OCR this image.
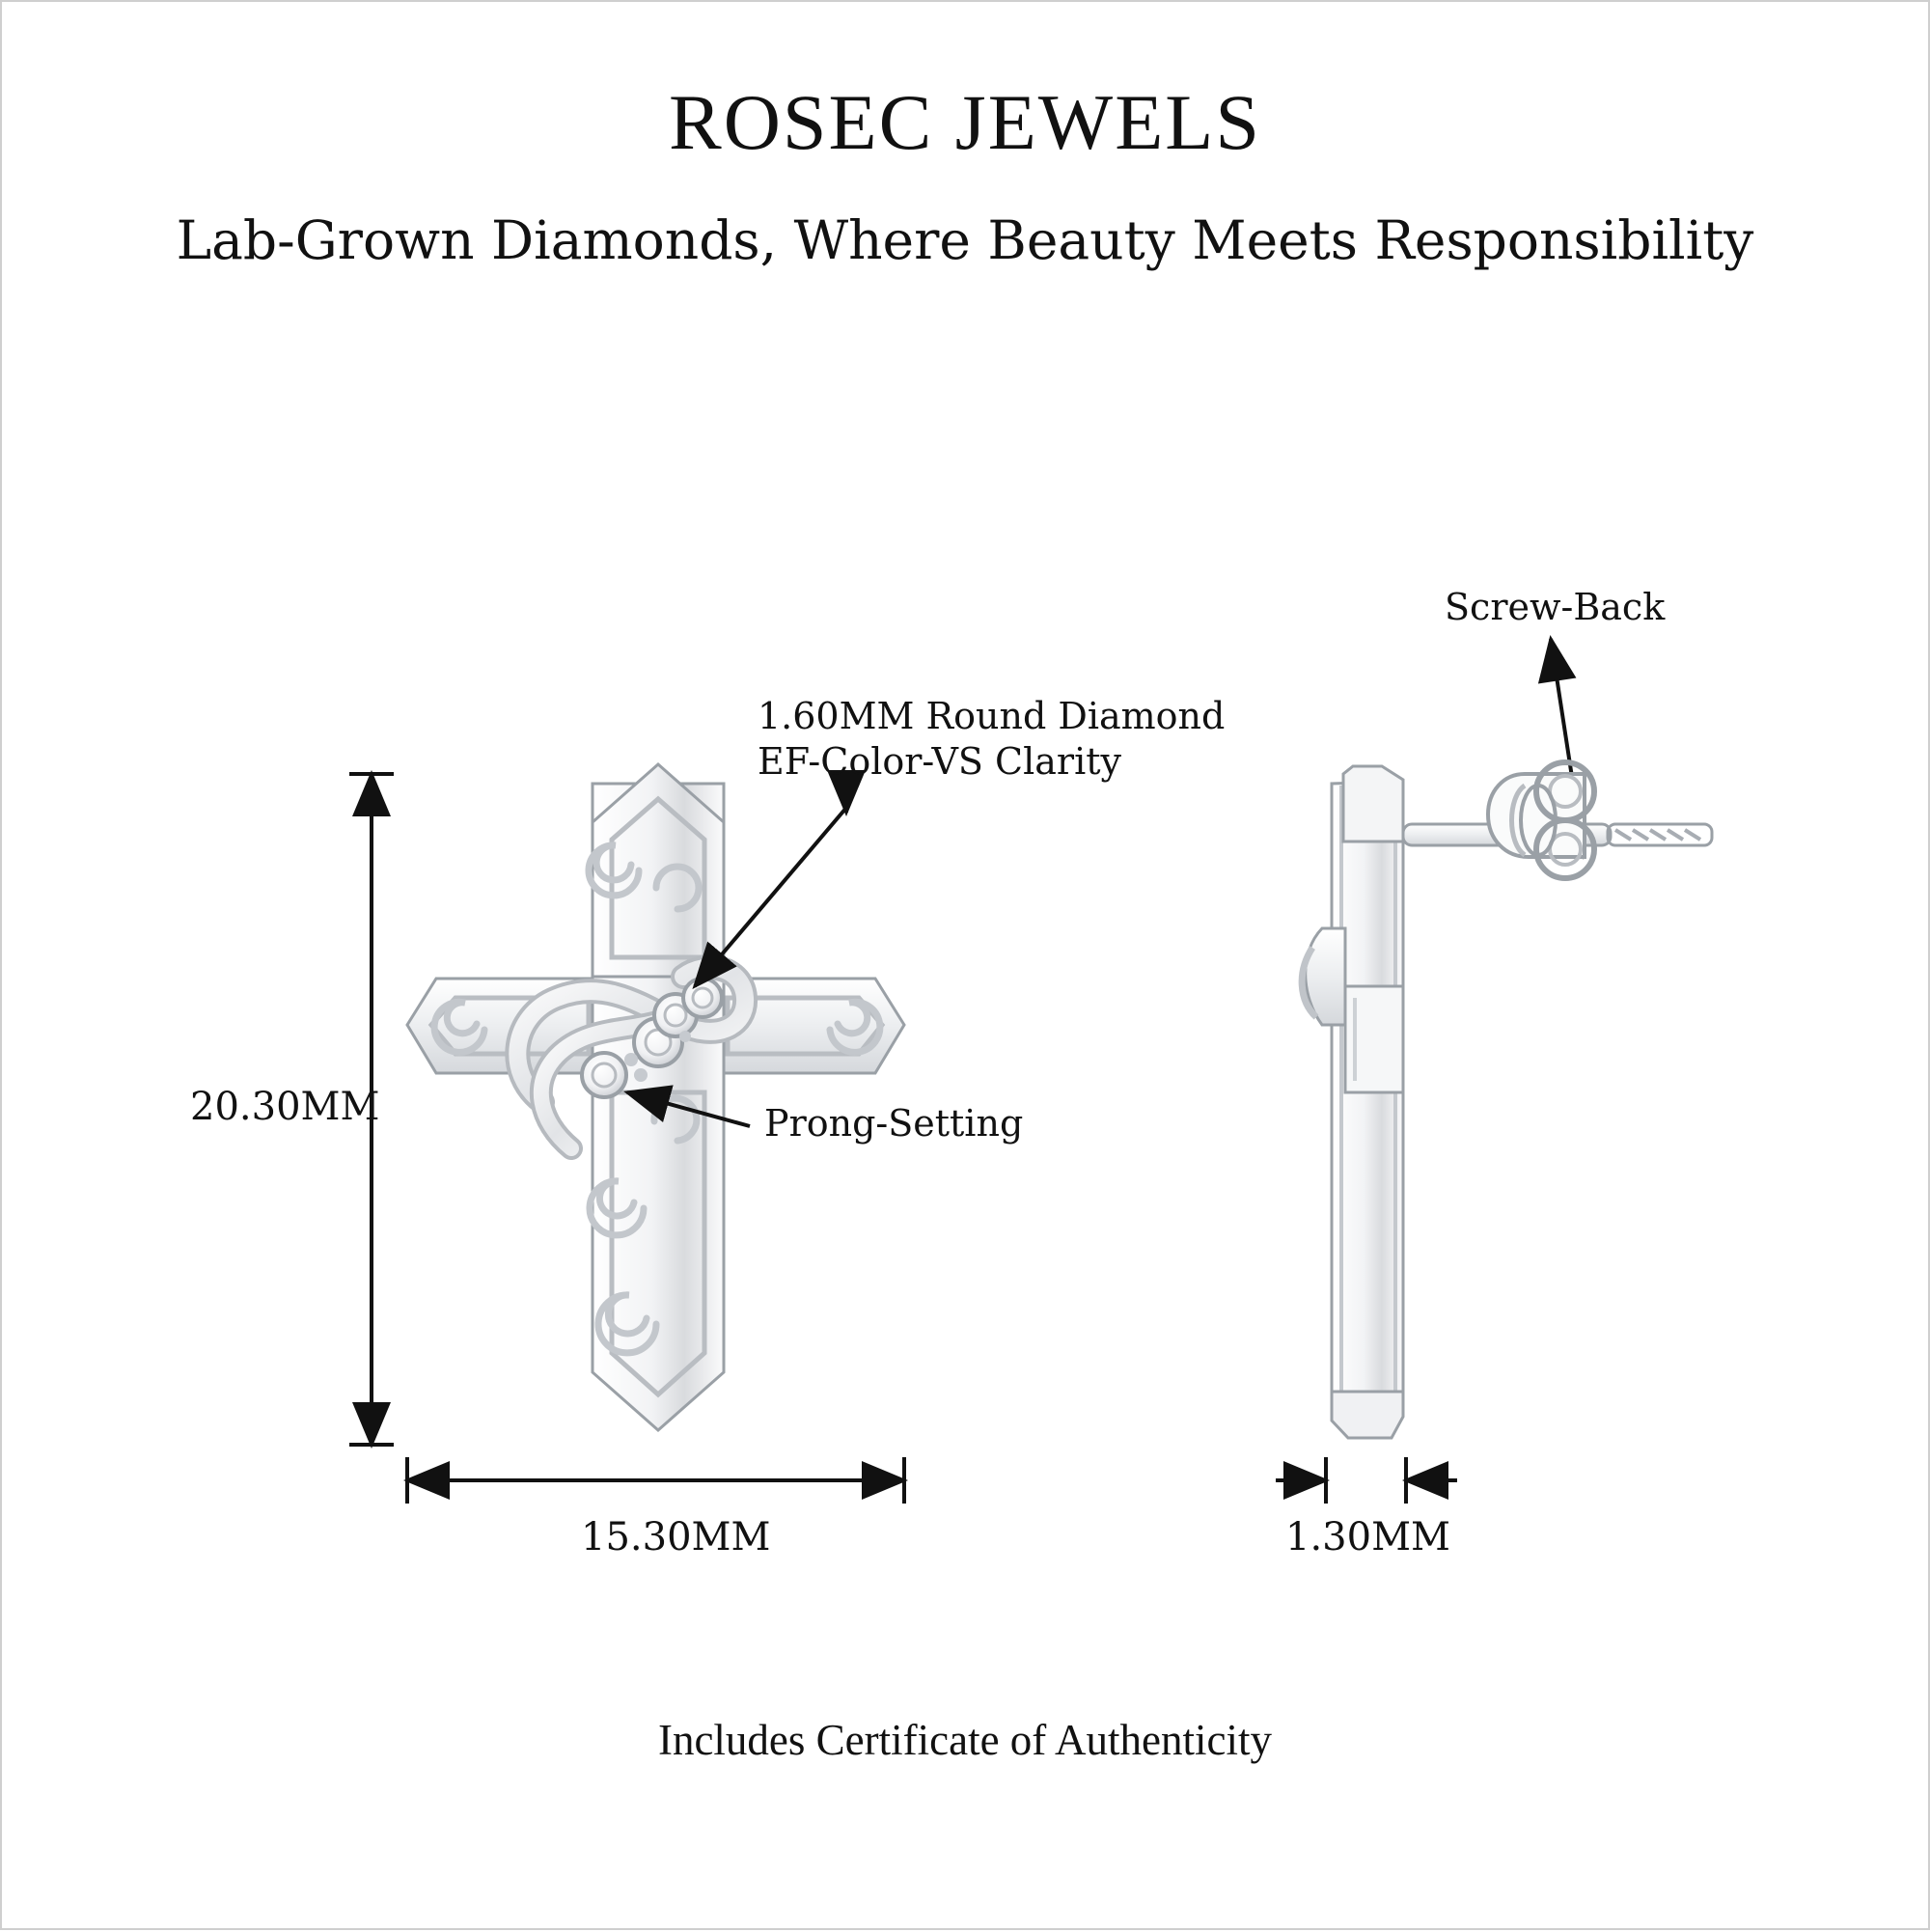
ROSEC JEWELS
Lab-Grown Diamonds, Where Beauty Meets Responsibility
1.60MM Round Diamond
EF-Color-VS Clarity
Prong-Setting
Screw-Back
20.30MM
15.30MM	1.30MM
Includes Certificate of Authenticity
